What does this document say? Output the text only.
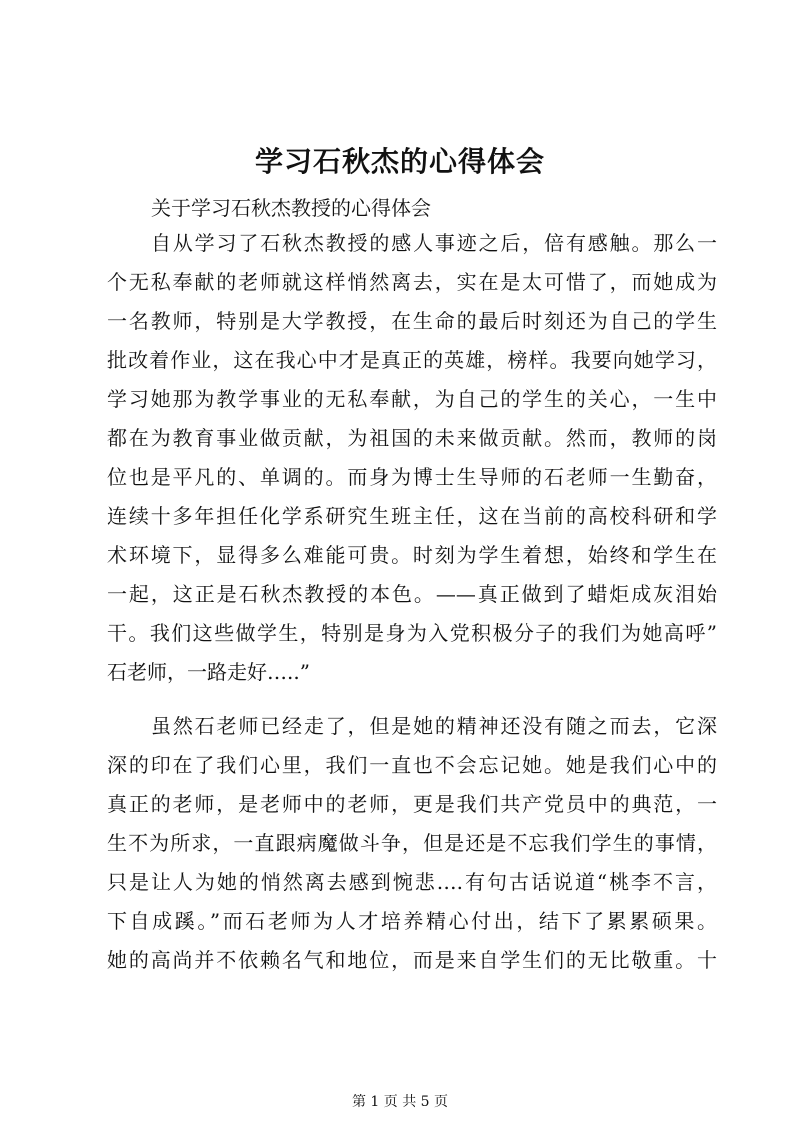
学习石秋杰的心得体会
关于学习石秋杰教授的心得体会
自从学习了石秋杰教授的感人事迹之后，倍有感触。那么一
个无私奉献的老师就这样悄然离去，实在是太可惜了，而她成为
一名教师，特别是大学教授，在生命的最后时刻还为自己的学生
批改着作业，这在我心中才是真正的英雄，榜样。我要向她学习，
学习她那为教学事业的无私奉献，为自己的学生的关心，一生中
都在为教育事业做贡献，为祖国的未来做贡献。然而，教师的岗
位也是平凡的、单调的。而身为博士生导师的石老师一生勤奋，
连续十多年担任化学系研究生班主任，这在当前的高校科研和学
术环境下，显得多么难能可贵。时刻为学生着想，始终和学生在
一起，这正是石秋杰教授的本色。——真正做到了蜡炬成灰泪始
干。我们这些做学生，特别是身为入党积极分子的我们为她高呼”
石老师，一路走好…..”
虽然石老师已经走了，但是她的精神还没有随之而去，它深
深的印在了我们心里，我们一直也不会忘记她。她是我们心中的
真正的老师，是老师中的老师，更是我们共产党员中的典范，一
生不为所求，一直跟病魔做斗争，但是还是不忘我们学生的事情，
只是让人为她的悄然离去感到惋悲….有句古话说道“桃李不言，
下自成蹊。”而石老师为人才培养精心付出，结下了累累硕果。
她的高尚并不依赖名气和地位，而是来自学生们的无比敬重。十
第 1 页 共 5 页
